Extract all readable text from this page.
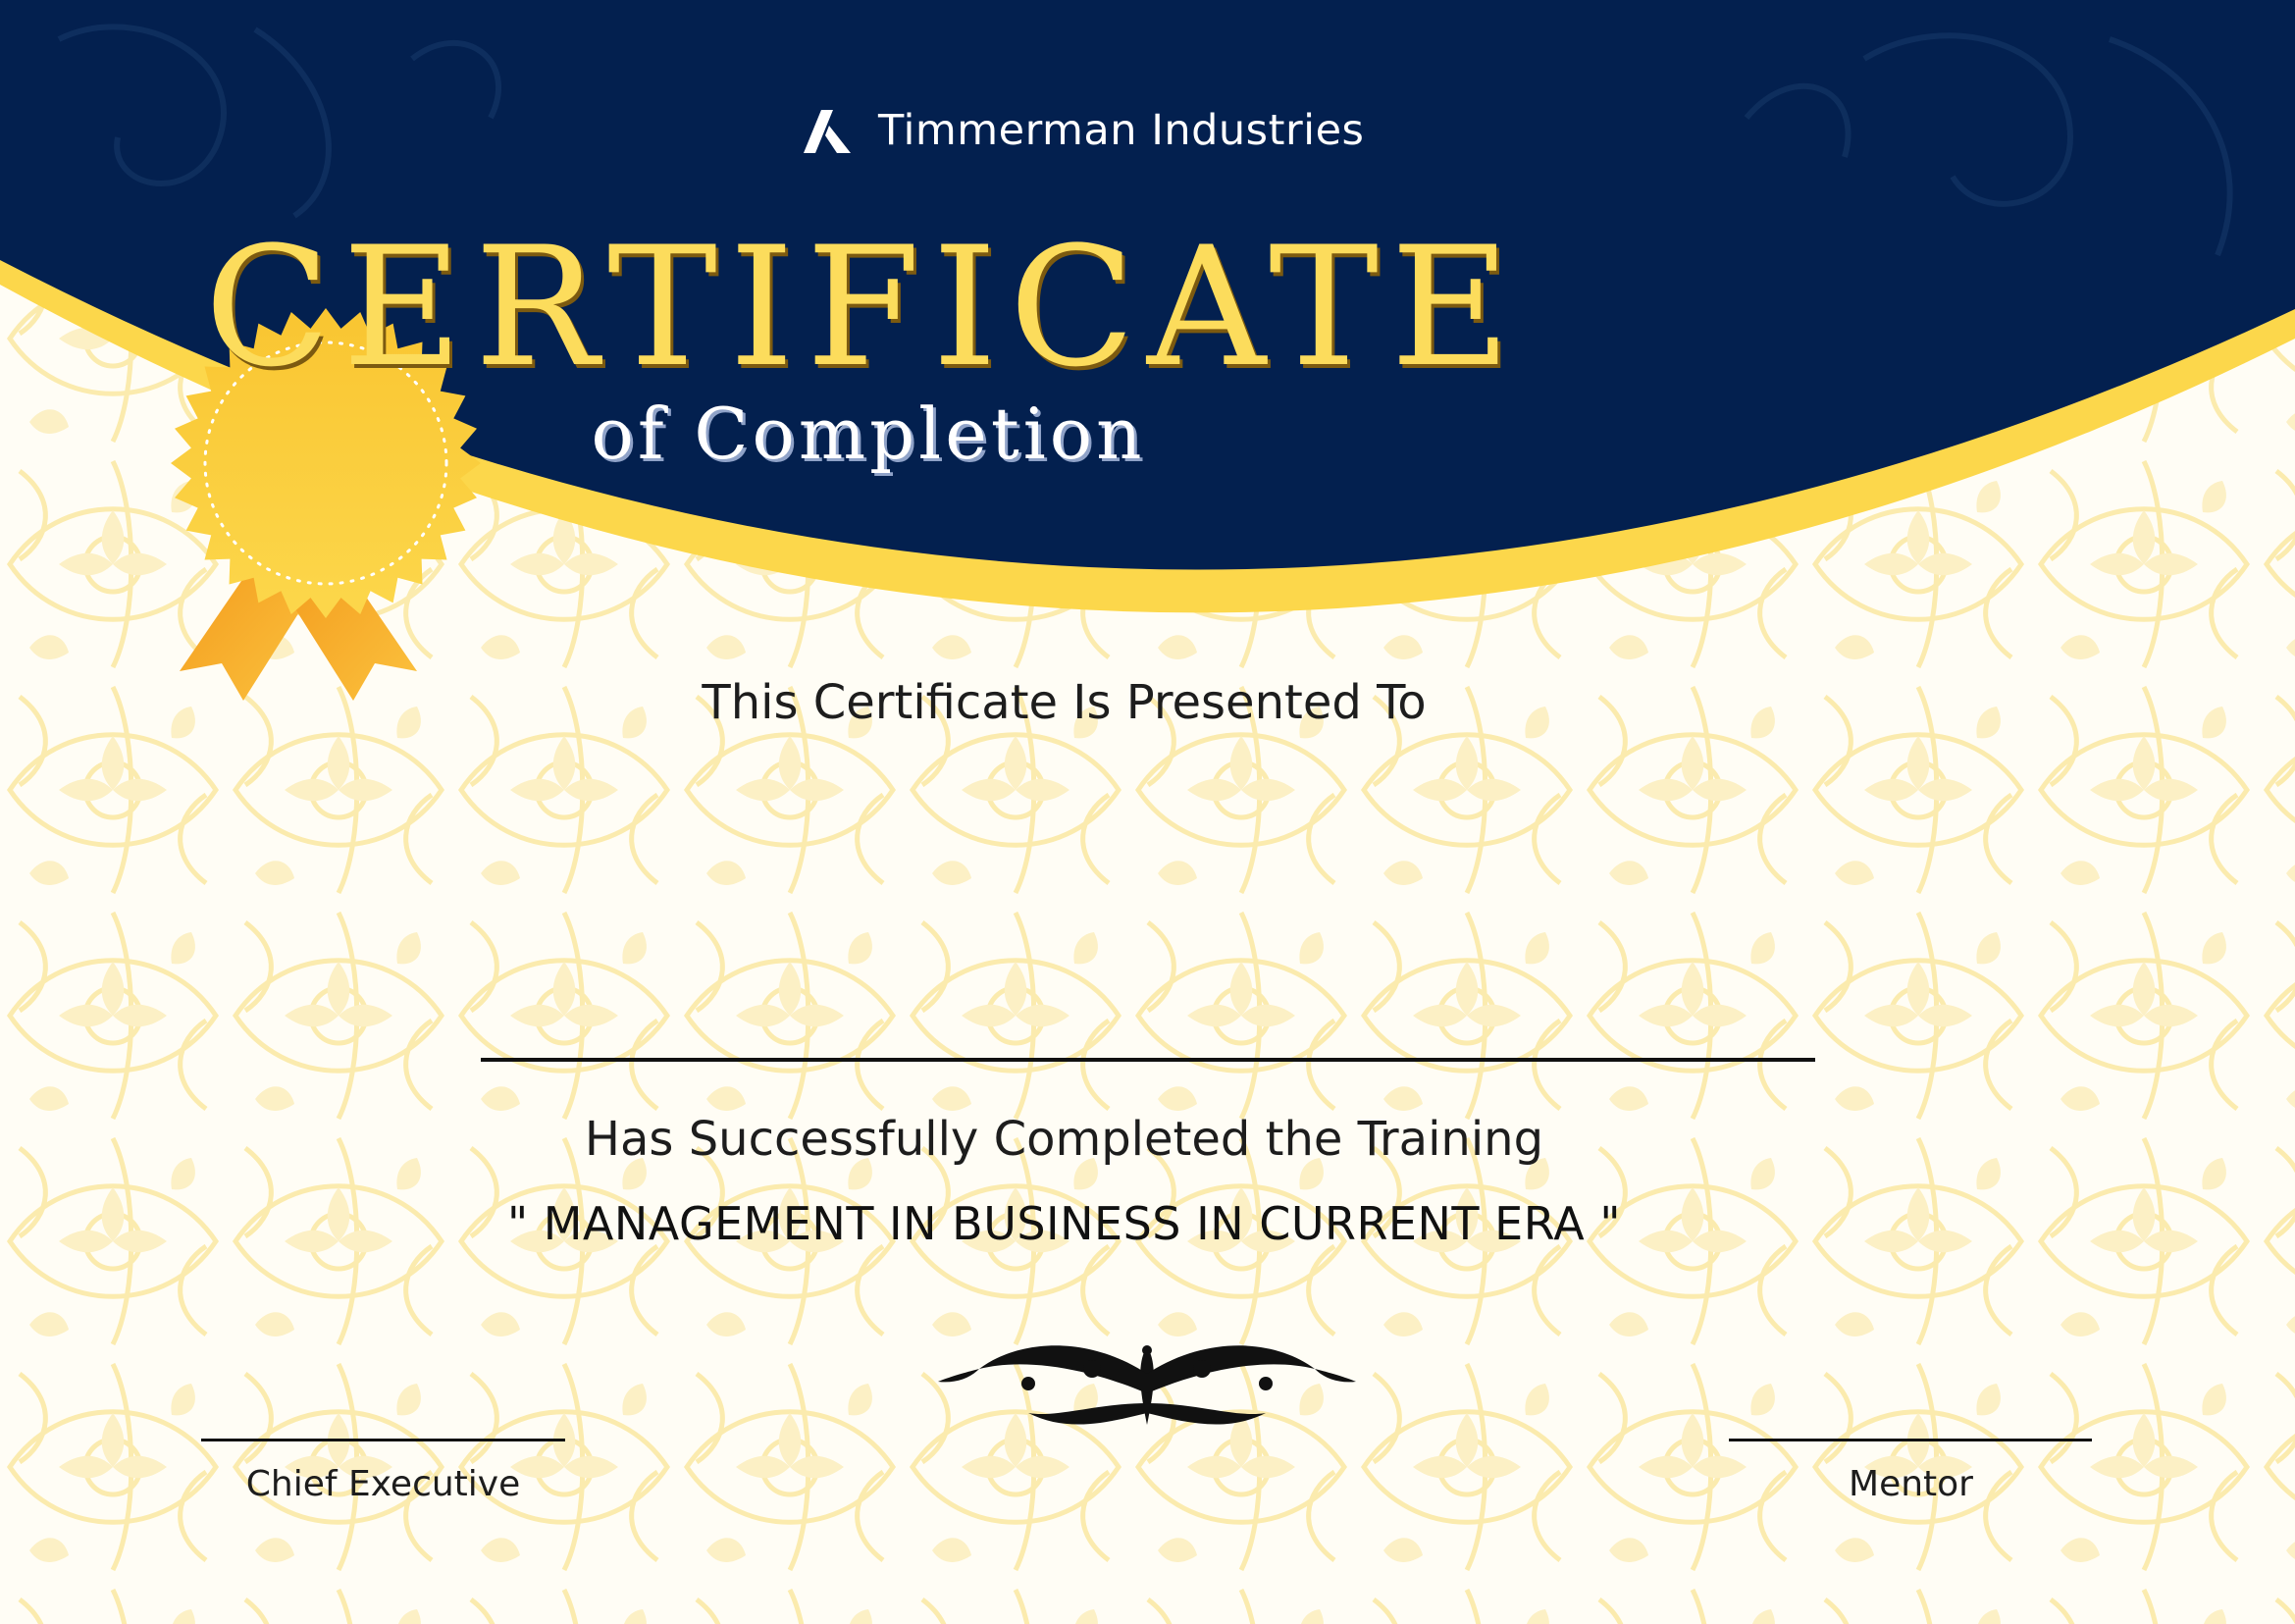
Timmerman Industries
CERTIFICATE
of Completion
This Certificate Is Presented To
Has Successfully Completed the Training
" MANAGEMENT IN BUSINESS IN CURRENT ERA "
Chief Executive	Mentor
